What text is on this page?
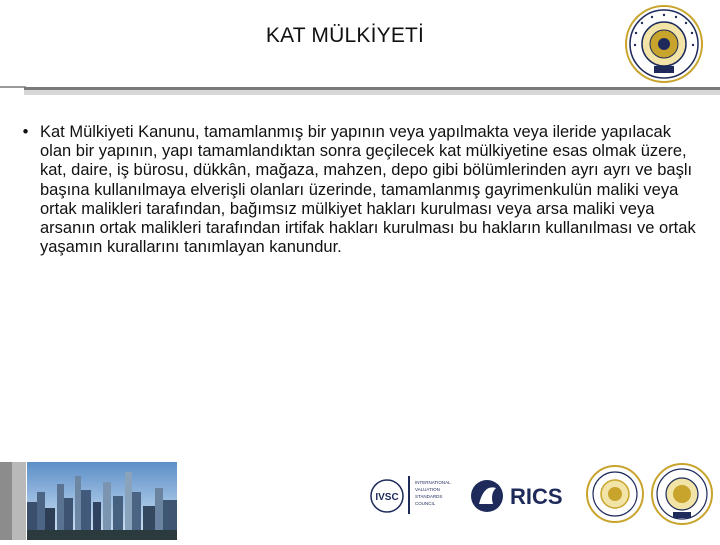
KAT MÜLKİYETİ
• Kat Mülkiyeti Kanunu, tamamlanmış bir yapının veya yapılmakta veya ileride yapılacak olan bir yapının, yapı tamamlandıktan sonra geçilecek kat mülkiyetine esas olmak üzere, kat, daire, iş bürosu, dükkân, mağaza, mahzen, depo gibi bölümlerinden ayrı ayrı ve başlı başına kullanılmaya elverişli olanları üzerinde, tamamlanmış gayrimenkulün maliki veya ortak malikleri tarafından, bağımsız mülkiyet hakları kurulması veya arsa maliki veya arsanın ortak malikleri tarafından irtifak hakları kurulması bu hakların kullanılması ve ortak yaşamın kurallarını tanımlayan kanundur.
IVSC
INTERNATIONAL
VALUATION
STANDARDS
COUNCIL	RICS
